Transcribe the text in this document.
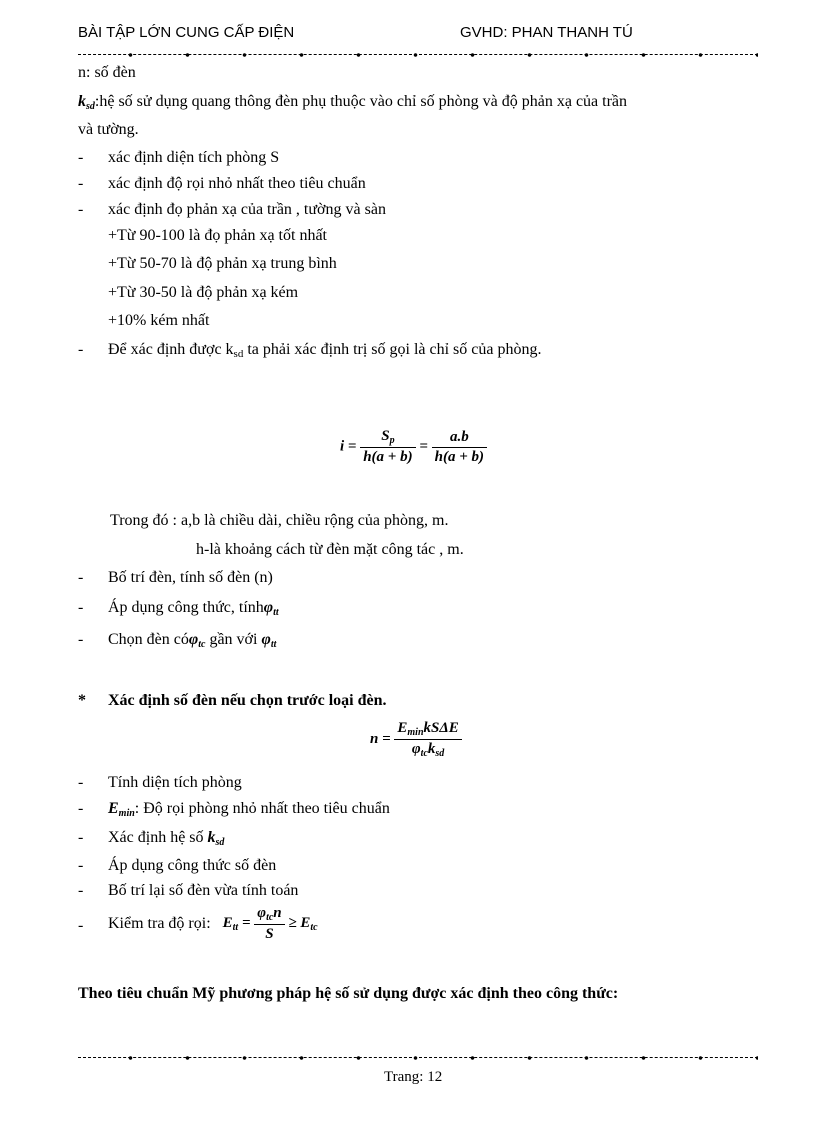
BÀI TẬP LỚN CUNG CẤP ĐIỆN	GVHD: PHAN THANH TÚ
n: số đèn
$k_{sd}:hệ$ số sử dụng quang thông đèn phụ thuộc vào chỉ số phòng và độ phản xạ của trần
và tường.
- xác định diện tích phòng S
- xác định độ rọi nhỏ nhất theo tiêu chuẩn
- xác định đọ phản xạ của trần , tường và sàn
+Từ 90-100 là đọ phản xạ tốt nhất
+Từ 50-70 là độ phản xạ trung bình
+Từ 30-50 là độ phản xạ kém
+10% kém nhất
- Để xác định được ksd ta phải xác định trị số gọi là chỉ số của phòng.
$i = \frac{S_p}{h(a + b)} = \frac{a.b}{h(a + b)}$
Trong đó : a,b là chiều dài, chiều rộng của phòng, m.
h-là khoảng cách từ đèn mặt công tác , m.
- Bố trí đèn, tính số đèn (n)
- Áp dụng công thức, tínhφ$_{tt}$
- Chọn đèn cóφ$_{tc}$ gần với $\varphi_{tt}$
* Xác định số đèn nếu chọn trước loại đèn.
$n = \frac{E_{min}kS\Delta E}{\varphi_{tc}k_{sd}}$
- Tính diện tích phòng
- $E_{min}$: Độ rọi phòng nhỏ nhất theo tiêu chuẩn
- Xác định hệ số $k_{sd}$
- Áp dụng công thức số đèn
- Bố trí lại số đèn vừa tính toán
- Kiểm tra độ rọi: $E_{tt} = \frac{\varphi_{tc}n}{S} \ge E_{tc}$
Theo tiêu chuẩn Mỹ phương pháp hệ số sử dụng được xác định theo công thức:
Trang: 12
